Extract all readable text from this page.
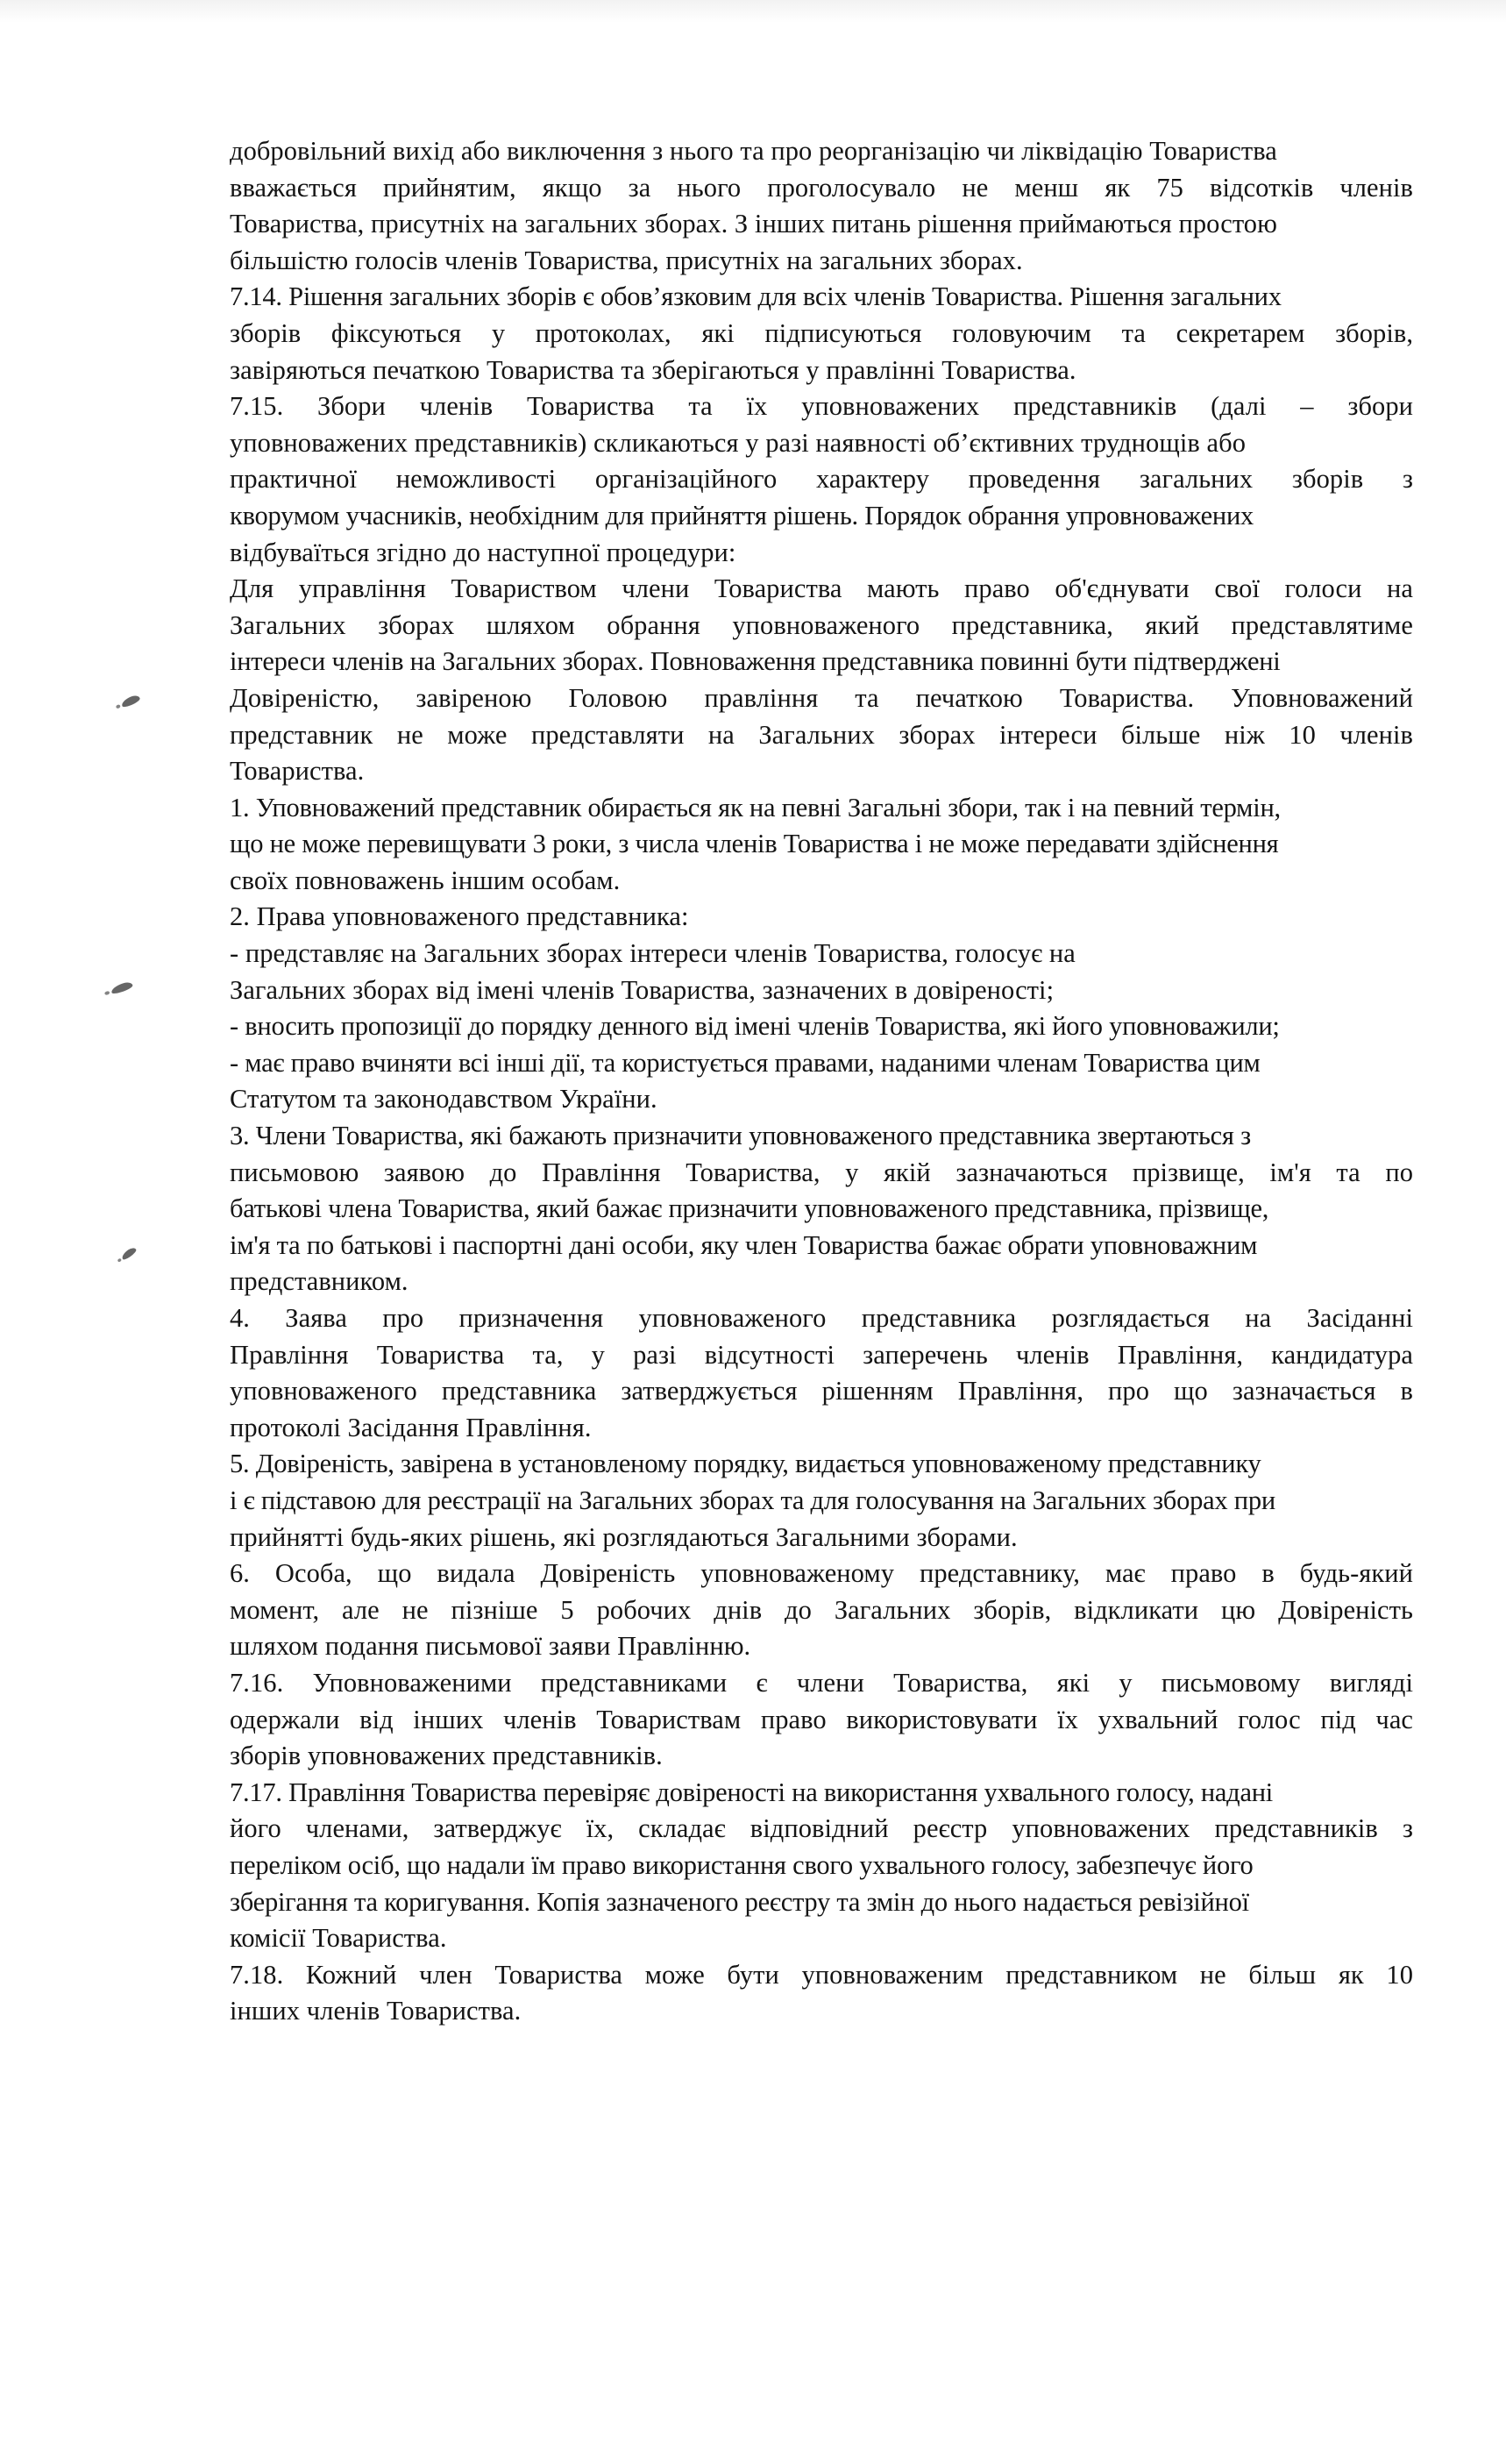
добровільний вихід або виключення з нього та про реорганізацію чи ліквідацію Товариства
вважається прийнятим, якщо за нього проголосувало не менш як 75 відсотків членів
Товариства, присутніх на загальних зборах. З інших питань рішення приймаються простою
більшістю голосів членів Товариства, присутніх на загальних зборах.
7.14. Рішення загальних зборів є обов’язковим для всіх членів Товариства. Рішення загальних
зборів фіксуються у протоколах, які підписуються головуючим та секретарем зборів,
завіряються печаткою Товариства та зберігаються у правлінні Товариства.
7.15. Збори членів Товариства та їх уповноважених представників (далі – збори
уповноважених представників) скликаються у разі наявності об’єктивних труднощів або
практичної неможливості організаційного характеру проведення загальних зборів з
кворумом учасників, необхідним для прийняття рішень. Порядок обрання упровноважених
відбуваїться згідно до наступної процедури:
Для управління Товариством члени Товариства мають право об'єднувати свої голоси на
Загальних зборах шляхом обрання уповноваженого представника, який представлятиме
інтереси членів на Загальних зборах. Повноваження представника повинні бути підтверджені
Довіреністю, завіреною Головою правління та печаткою Товариства. Уповноважений
представник не може представляти на Загальних зборах інтереси більше ніж 10 членів
Товариства.
1. Уповноважений представник обирається як на певні Загальні збори, так і на певний термін,
що не може перевищувати 3 роки, з числа членів Товариства і не може передавати здійснення
своїх повноважень іншим особам.
2. Права уповноваженого представника:
- представляє на Загальних зборах інтереси членів Товариства, голосує на
Загальних зборах від імені членів Товариства, зазначених в довіреності;
- вносить пропозиції до порядку денного від імені членів Товариства, які його уповноважили;
- має право вчиняти всі інші дії, та користується правами, наданими членам Товариства цим
Статутом та законодавством України.
3. Члени Товариства, які бажають призначити уповноваженого представника звертаються з
письмовою заявою до Правління Товариства, у якій зазначаються прізвище, ім'я та по
батькові члена Товариства, який бажає призначити уповноваженого представника, прізвище,
ім'я та по батькові і паспортні дані особи, яку член Товариства бажає обрати уповноважним
представником.
4. Заява про призначення уповноваженого представника розглядається на Засіданні
Правління Товариства та, у разі відсутності заперечень членів Правління, кандидатура
уповноваженого представника затверджується рішенням Правління, про що зазначається в
протоколі Засідання Правління.
5. Довіреність, завірена в установленому порядку, видається уповноваженому представнику
і є підставою для реєстрації на Загальних зборах та для голосування на Загальних зборах при
прийнятті будь-яких рішень, які розглядаються Загальними зборами.
6. Особа, що видала Довіреність уповноваженому представнику, має право в будь-який
момент, але не пізніше 5 робочих днів до Загальних зборів, відкликати цю Довіреність
шляхом подання письмової заяви Правлінню.
7.16. Уповноваженими представниками є члени Товариства, які у письмовому вигляді
одержали від інших членів Товариствам право використовувати їх ухвальний голос під час
зборів уповноважених представників.
7.17. Правління Товариства перевіряє довіреності на використання ухвального голосу, надані
його членами, затверджує їх, складає відповідний реєстр уповноважених представників з
переліком осіб, що надали їм право використання свого ухвального голосу, забезпечує його
зберігання та коригування. Копія зазначеного реєстру та змін до нього надається ревізійної
комісії Товариства.
7.18. Кожний член Товариства може бути уповноваженим представником не більш як 10
інших членів Товариства.
